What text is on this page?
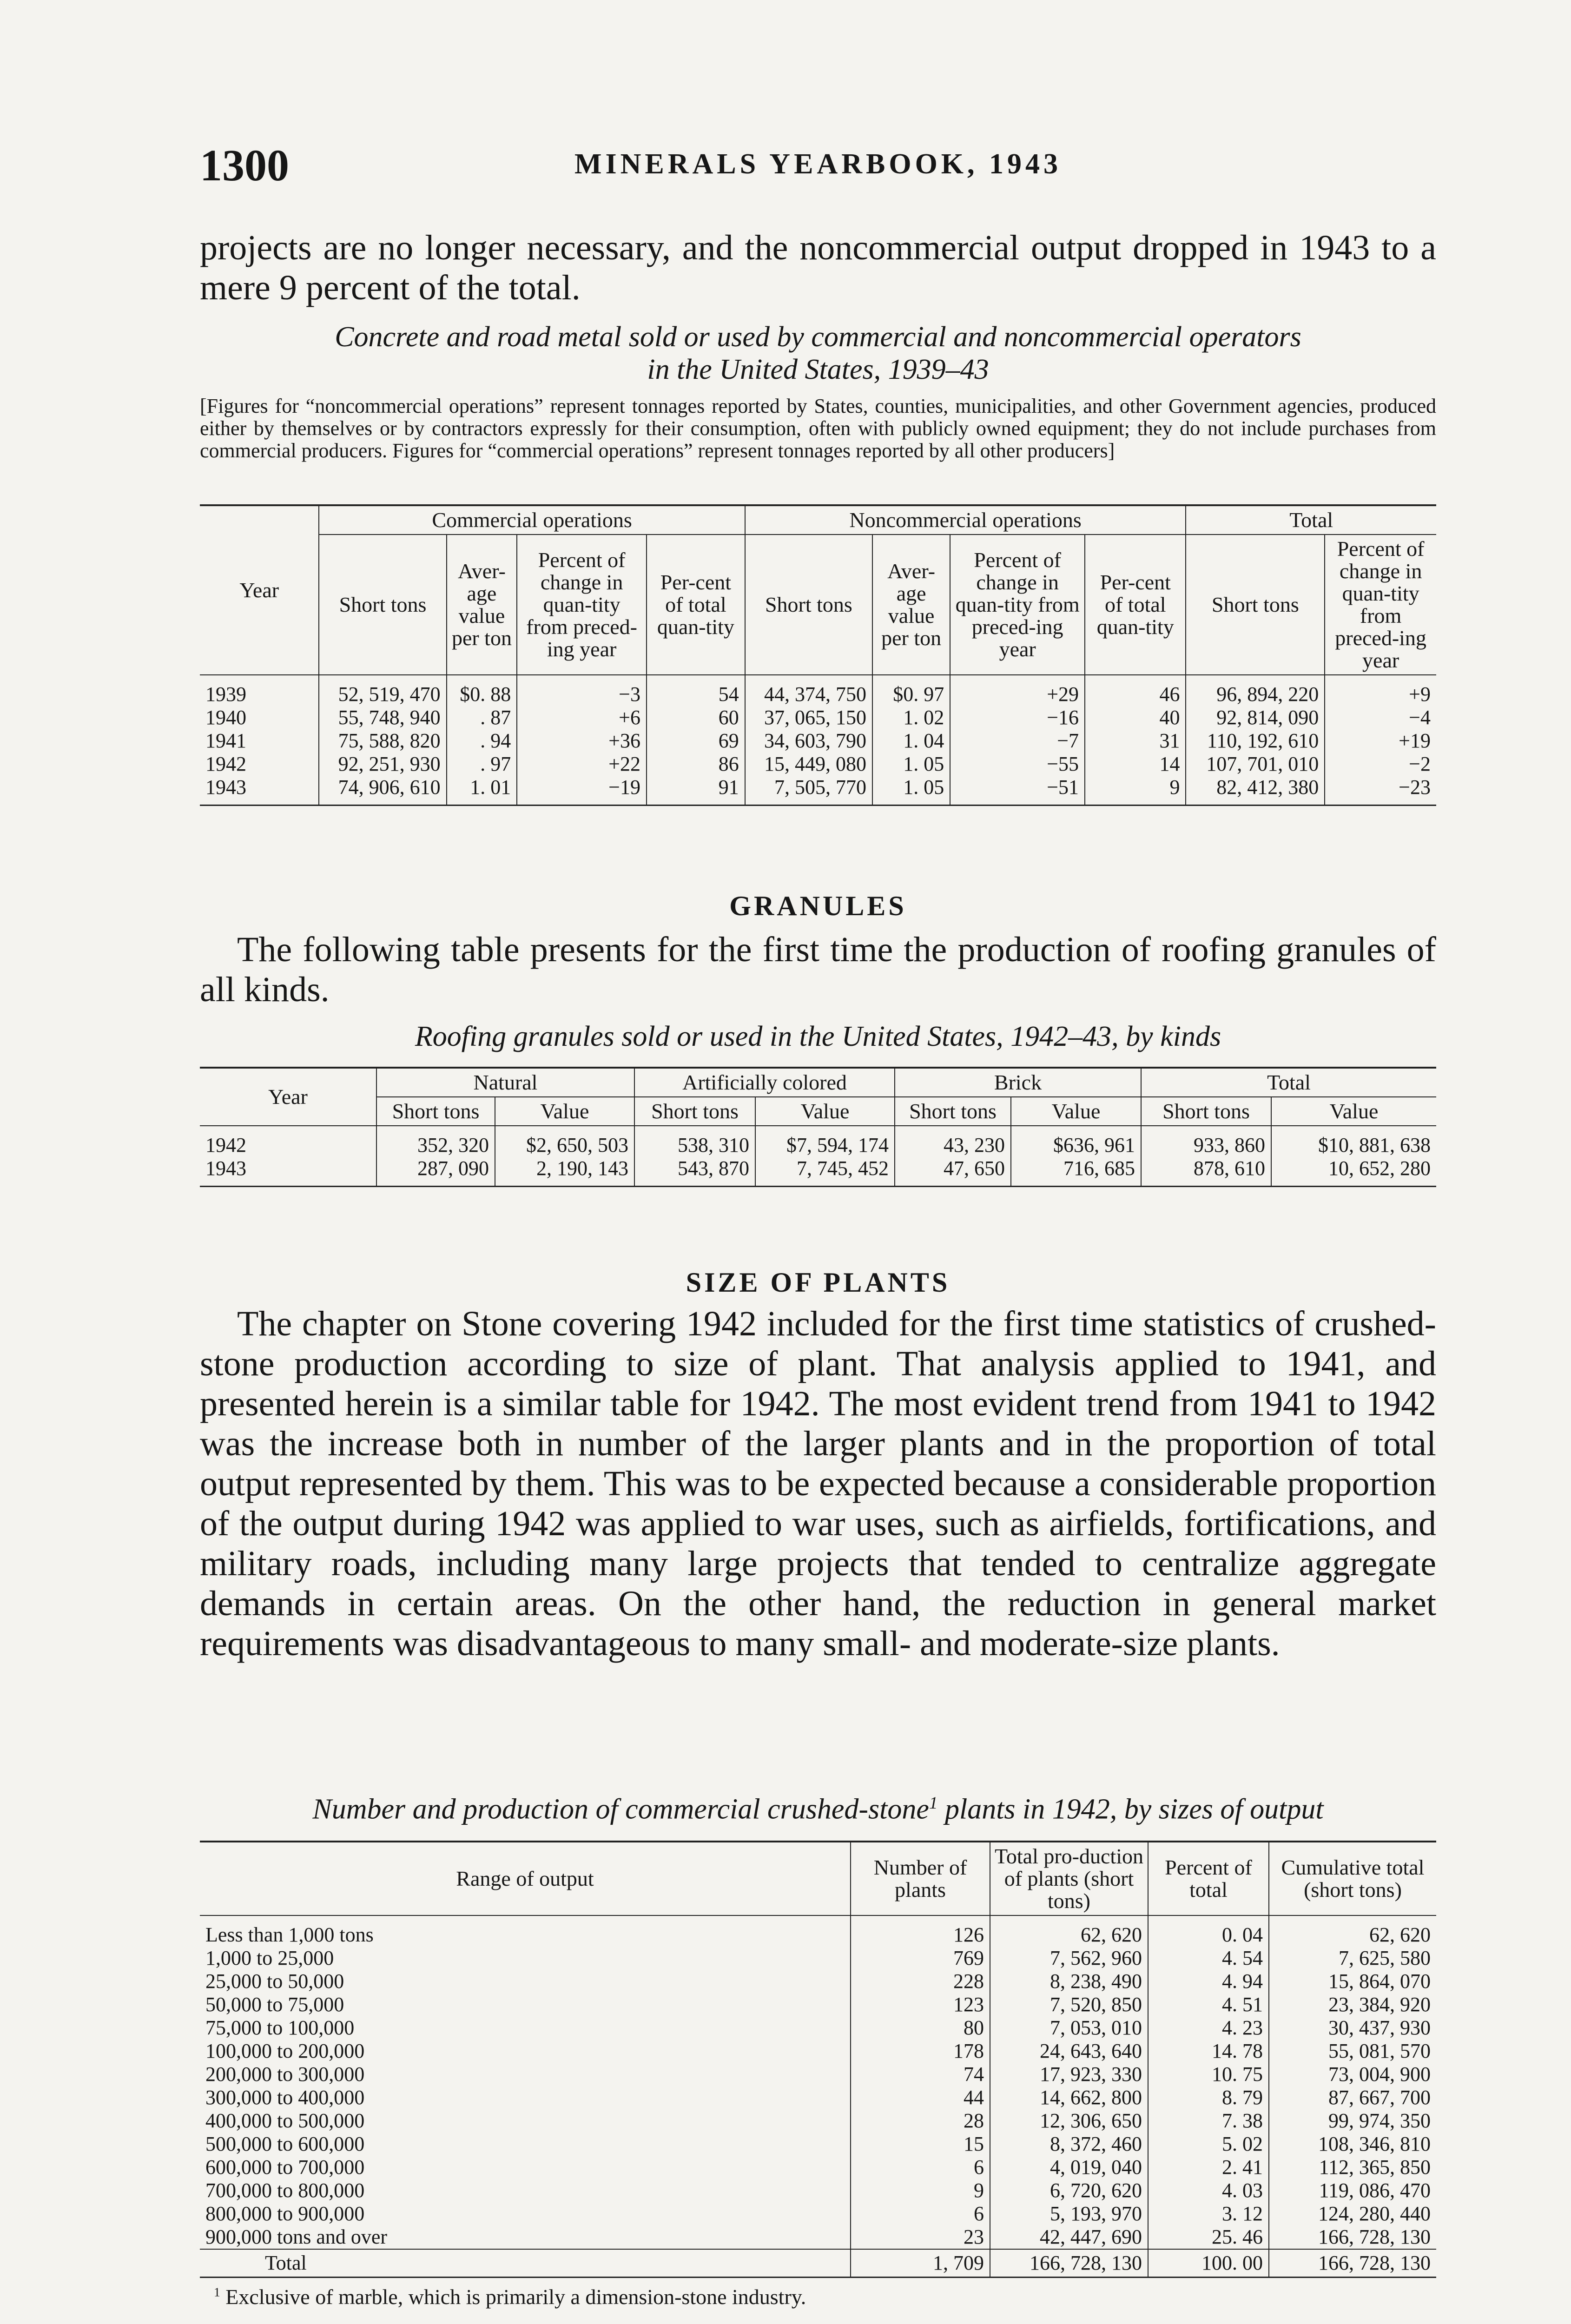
1300	MINERALS YEARBOOK, 1943

projects are no longer necessary, and the noncommercial output dropped in 1943 to a mere 9 percent of the total.

Concrete and road metal sold or used by commercial and noncommercial operators

in the United States, 1939–43

[Figures for “noncommercial operations” represent tonnages reported by States, counties, municipalities, and other Government agencies, produced either by themselves or by contractors expressly for their consumption, often with publicly owned equipment; they do not include purchases from commercial producers. Figures for “commercial operations” represent tonnages reported by all other producers]

Year	Commercial operations				Noncommercial operations				Total	
	Short tons	Aver-age value per ton	Percent of change in quan-tity from preced-ing year	Per-cent of total quan-tity	Short tons	Aver-age value per ton	Percent of change in quan-tity from preced-ing year	Per-cent of total quan-tity	Short tons	Percent of change in quan-tity from preced-ing year
1939	52, 519, 470	$0. 88	−3	54	44, 374, 750	$0. 97	+29	46	96, 894, 220	+9
1940	55, 748, 940	. 87	+6	60	37, 065, 150	1. 02	−16	40	92, 814, 090	−4
1941	75, 588, 820	. 94	+36	69	34, 603, 790	1. 04	−7	31	110, 192, 610	+19
1942	92, 251, 930	. 97	+22	86	15, 449, 080	1. 05	−55	14	107, 701, 010	−2
1943	74, 906, 610	1. 01	−19	91	7, 505, 770	1. 05	−51	9	82, 412, 380	−23

GRANULES

The following table presents for the first time the production of roofing granules of all kinds.

Roofing granules sold or used in the United States, 1942–43, by kinds

Year	Natural		Artificially colored		Brick		Total	
	Short tons	Value	Short tons	Value	Short tons	Value	Short tons	Value
1942	352, 320	$2, 650, 503	538, 310	$7, 594, 174	43, 230	$636, 961	933, 860	$10, 881, 638
1943	287, 090	2, 190, 143	543, 870	7, 745, 452	47, 650	716, 685	878, 610	10, 652, 280

SIZE OF PLANTS

The chapter on Stone covering 1942 included for the first time statistics of crushed-stone production according to size of plant. That analysis applied to 1941, and presented herein is a similar table for 1942. The most evident trend from 1941 to 1942 was the increase both in number of the larger plants and in the proportion of total output represented by them. This was to be expected because a considerable proportion of the output during 1942 was applied to war uses, such as airfields, fortifications, and military roads, including many large projects that tended to centralize aggregate demands in certain areas. On the other hand, the reduction in general market requirements was disadvantageous to many small- and moderate-size plants.

Number and production of commercial crushed-stone$^1$ plants in 1942, by sizes of output

Range of output	Number of plants	Total pro-duction of plants (short tons)	Percent of total	Cumulative total (short tons)
Less than 1,000 tons	126	62, 620	0. 04	62, 620
1,000 to 25,000	769	7, 562, 960	4. 54	7, 625, 580
25,000 to 50,000	228	8, 238, 490	4. 94	15, 864, 070
50,000 to 75,000	123	7, 520, 850	4. 51	23, 384, 920
75,000 to 100,000	80	7, 053, 010	4. 23	30, 437, 930
100,000 to 200,000	178	24, 643, 640	14. 78	55, 081, 570
200,000 to 300,000	74	17, 923, 330	10. 75	73, 004, 900
300,000 to 400,000	44	14, 662, 800	8. 79	87, 667, 700
400,000 to 500,000	28	12, 306, 650	7. 38	99, 974, 350
500,000 to 600,000	15	8, 372, 460	5. 02	108, 346, 810
600,000 to 700,000	6	4, 019, 040	2. 41	112, 365, 850
700,000 to 800,000	9	6, 720, 620	4. 03	119, 086, 470
800,000 to 900,000	6	5, 193, 970	3. 12	124, 280, 440
900,000 tons and over	23	42, 447, 690	25. 46	166, 728, 130
Total	1, 709	166, 728, 130	100. 00	166, 728, 130

$^1$ Exclusive of marble, which is primarily a dimension-stone industry.
